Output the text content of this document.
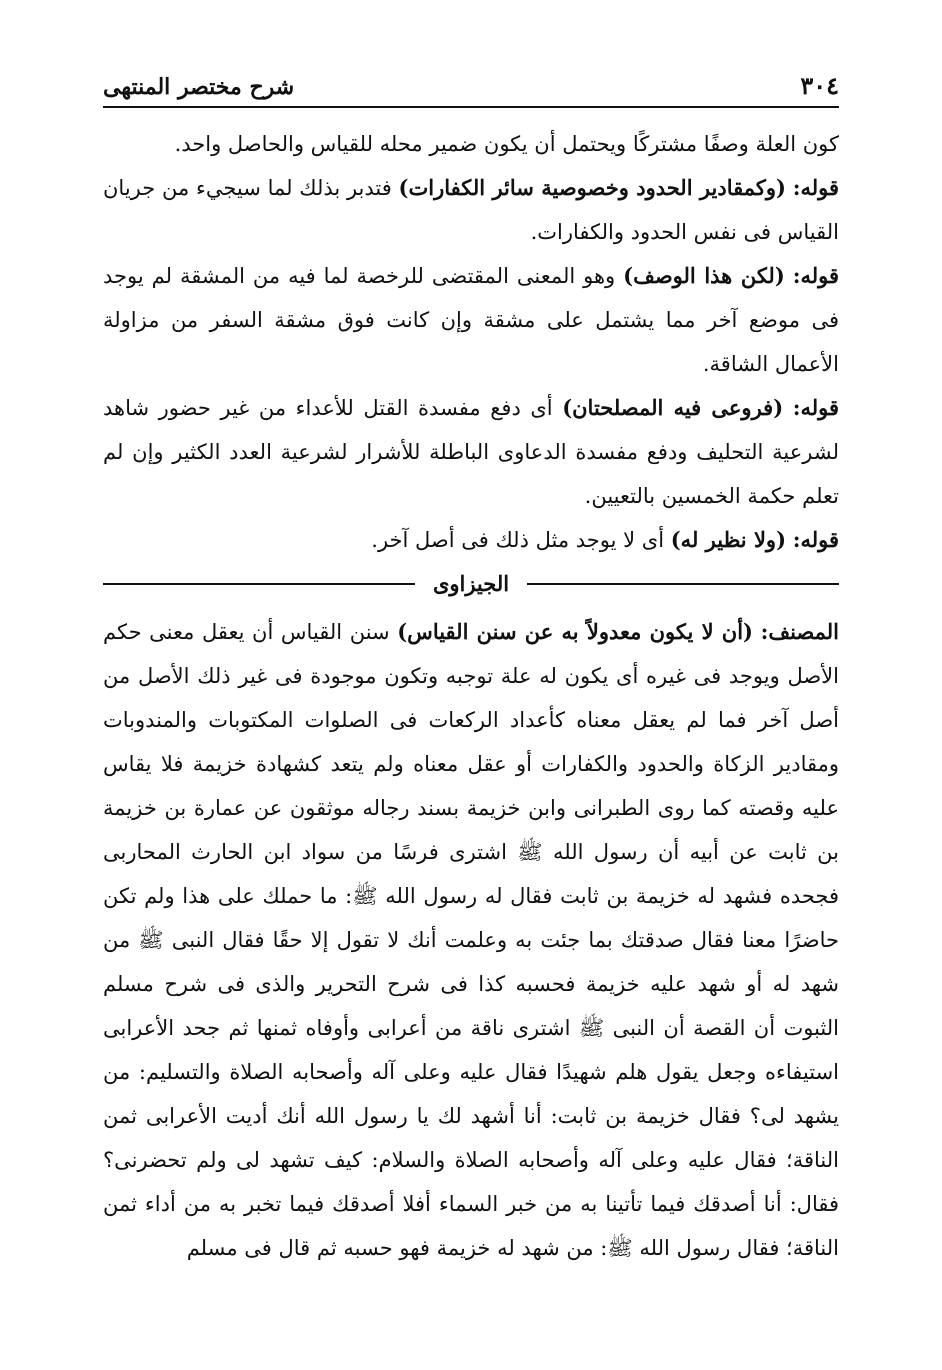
٣٠٤
شرح مختصر المنتهى

كون العلة وصفًا مشتركًا ويحتمل أن يكون ضمير محله للقياس والحاصل واحد.

قوله: (وكمقادير الحدود وخصوصية سائر الكفارات) فتدبر بذلك لما سيجيء من جريان القياس فى نفس الحدود والكفارات.

قوله: (لكن هذا الوصف) وهو المعنى المقتضى للرخصة لما فيه من المشقة لم يوجد فى موضع آخر مما يشتمل على مشقة وإن كانت فوق مشقة السفر من مزاولة الأعمال الشاقة.

قوله: (فروعى فيه المصلحتان) أى دفع مفسدة القتل للأعداء من غير حضور شاهد لشرعية التحليف ودفع مفسدة الدعاوى الباطلة للأشرار لشرعية العدد الكثير وإن لم تعلم حكمة الخمسين بالتعيين.

قوله: (ولا نظير له) أى لا يوجد مثل ذلك فى أصل آخر.

الجيزاوى

المصنف: (أن لا يكون معدولاً به عن سنن القياس) سنن القياس أن يعقل معنى حكم الأصل ويوجد فى غيره أى يكون له علة توجبه وتكون موجودة فى غير ذلك الأصل من أصل آخر فما لم يعقل معناه كأعداد الركعات فى الصلوات المكتوبات والمندوبات ومقادير الزكاة والحدود والكفارات أو عقل معناه ولم يتعد كشهادة خزيمة فلا يقاس عليه وقصته كما روى الطبرانى وابن خزيمة بسند رجاله موثقون عن عمارة بن خزيمة بن ثابت عن أبيه أن رسول الله ﷺ اشترى فرسًا من سواد ابن الحارث المحاربى فجحده فشهد له خزيمة بن ثابت فقال له رسول الله ﷺ: ما حملك على هذا ولم تكن حاضرًا معنا فقال صدقتك بما جئت به وعلمت أنك لا تقول إلا حقًا فقال النبى ﷺ من شهد له أو شهد عليه خزيمة فحسبه كذا فى شرح التحرير والذى فى شرح مسلم الثبوت أن القصة أن النبى ﷺ اشترى ناقة من أعرابى وأوفاه ثمنها ثم جحد الأعرابى استيفاءه وجعل يقول هلم شهيدًا فقال عليه وعلى آله وأصحابه الصلاة والتسليم: من يشهد لى؟ فقال خزيمة بن ثابت: أنا أشهد لك يا رسول الله أنك أديت الأعرابى ثمن الناقة؛ فقال عليه وعلى آله وأصحابه الصلاة والسلام: كيف تشهد لى ولم تحضرنى؟ فقال: أنا أصدقك فيما تأتينا به من خبر السماء أفلا أصدقك فيما تخبر به من أداء ثمن الناقة؛ فقال رسول الله ﷺ: من شهد له خزيمة فهو حسبه ثم قال فى مسلم
